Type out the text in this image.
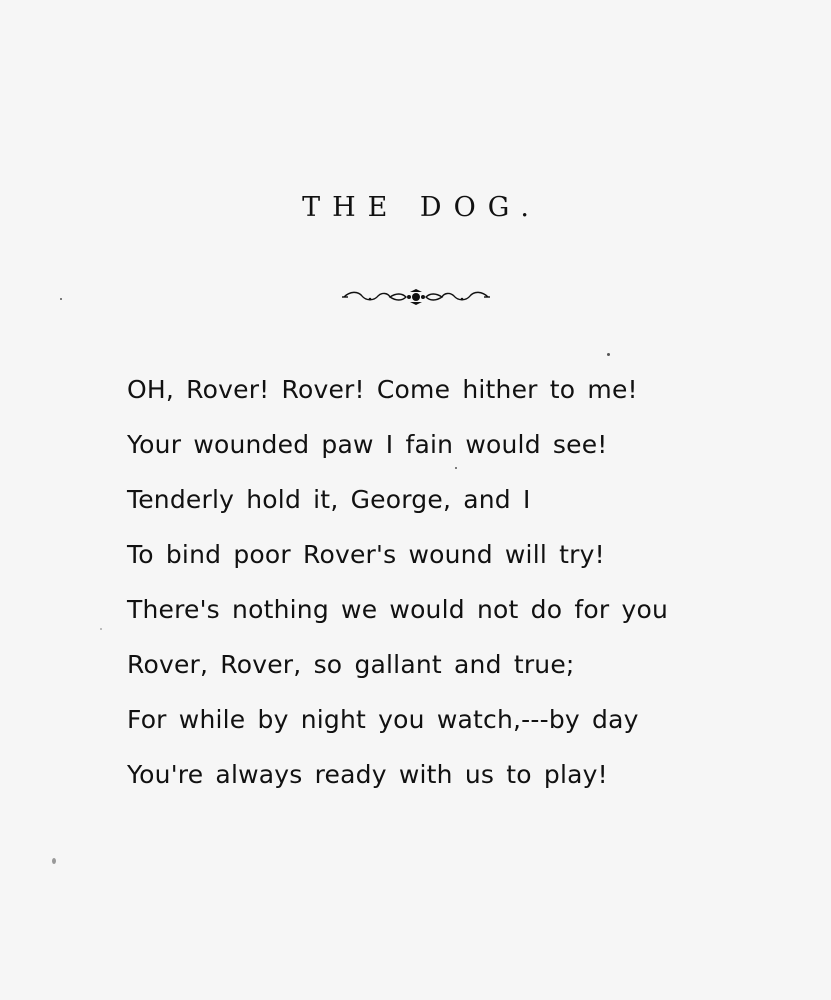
THE DOG.
OH, Rover! Rover! Come hither to me!
Your wounded paw I fain would see!
Tenderly hold it, George, and I
To bind poor Rover's wound will try!
There's nothing we would not do for you
Rover, Rover, so gallant and true;
For while by night you watch,---by day
You're always ready with us to play!
